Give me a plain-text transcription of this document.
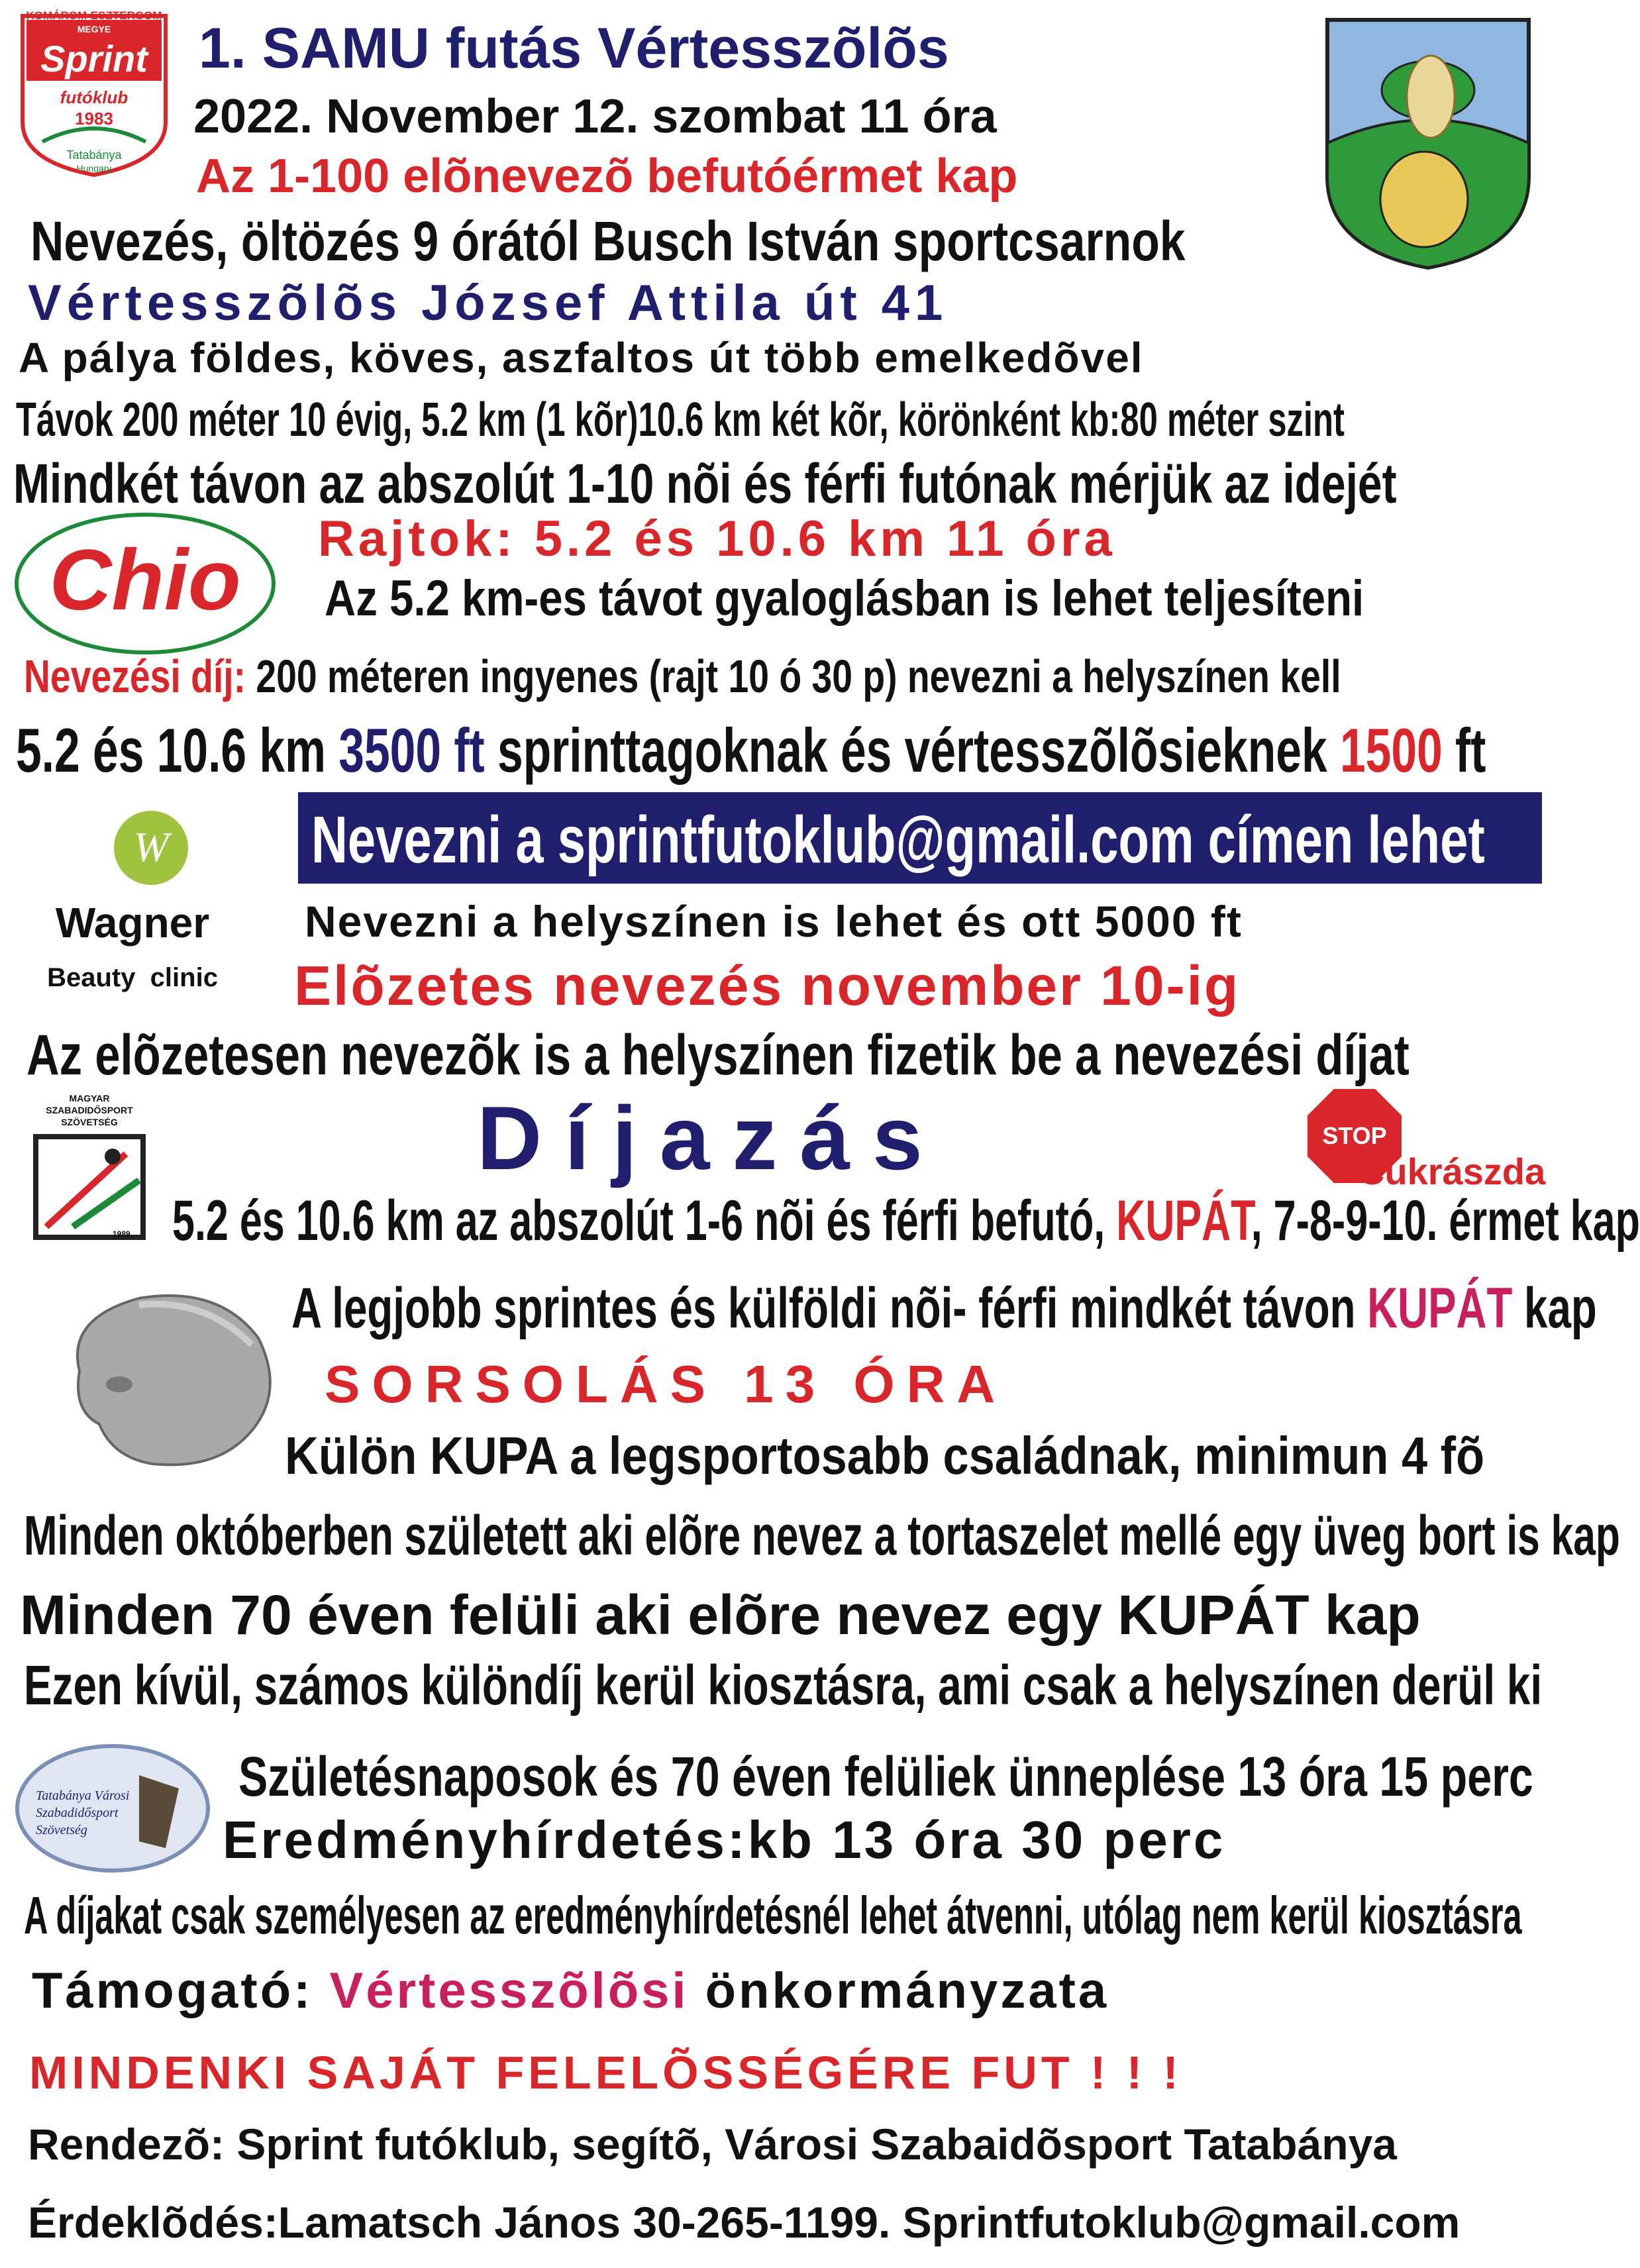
KOMÁROM-ESZTERGOM
MEGYE
Sprint
futóklub
1983
Tatabánya
Hungary
Chio
W
Wagner
Beauty  clinic
MAGYAR
SZABADIDŐSPORT
SZÖVETSÉG
1989
STOP
Cukrászda
Tatabánya Városi
Szabadidősport
Szövetség
1. SAMU futás Vértesszõlõs
2022. November 12. szombat 11 óra
Az 1-100 elõnevezõ befutóérmet kap
Nevezés, öltözés 9 órától Busch István sportcsarnok
Vértesszõlõs József Attila út 41
A pálya földes, köves, aszfaltos út több emelkedõvel
Távok 200 méter 10 évig, 5.2 km (1 kõr)10.6 km két kõr, körönként kb:80 méter szint
Mindkét távon az abszolút 1-10 nõi és férfi futónak mérjük az idejét
Rajtok: 5.2 és 10.6 km 11 óra
Az 5.2 km-es távot gyaloglásban is lehet teljesíteni
Nevezési díj: 200 méteren ingyenes (rajt 10 ó 30 p) nevezni a helyszínen kell
5.2 és 10.6 km 3500 ft sprinttagoknak és vértesszõlõsieknek 1500 ft
Nevezni a sprintfutoklub@gmail.com címen lehet
Nevezni a helyszínen is lehet és ott 5000 ft
Elõzetes nevezés november 10-ig
Az elõzetesen nevezõk is a helyszínen fizetik be a nevezési díjat
Díjazás
5.2 és 10.6 km az abszolút 1-6 nõi és férfi befutó, KUPÁT, 7-8-9-10. érmet kap
A legjobb sprintes és külföldi nõi- férfi mindkét távon KUPÁT kap
SORSOLÁS 13 ÓRA
Külön KUPA a legsportosabb családnak, minimun 4 fõ
Minden októberben született aki elõre nevez a tortaszelet mellé egy üveg bort is kap
Minden 70 éven felüli aki elõre nevez egy KUPÁT kap
Ezen kívül, számos különdíj kerül kiosztásra, ami csak a helyszínen derül ki
Születésnaposok és 70 éven felüliek ünneplése 13 óra 15 perc
Eredményhírdetés:kb 13 óra 30 perc
A díjakat csak személyesen az eredményhírdetésnél lehet átvenni, utólag nem kerül kiosztásra
Támogató: Vértesszõlõsi önkormányzata
MINDENKI SAJÁT FELELÕSSÉGÉRE FUT ! ! !
Rendezõ: Sprint futóklub, segítõ, Városi Szabaidõsport Tatabánya
Érdeklõdés:Lamatsch János 30-265-1199. Sprintfutoklub@gmail.com
